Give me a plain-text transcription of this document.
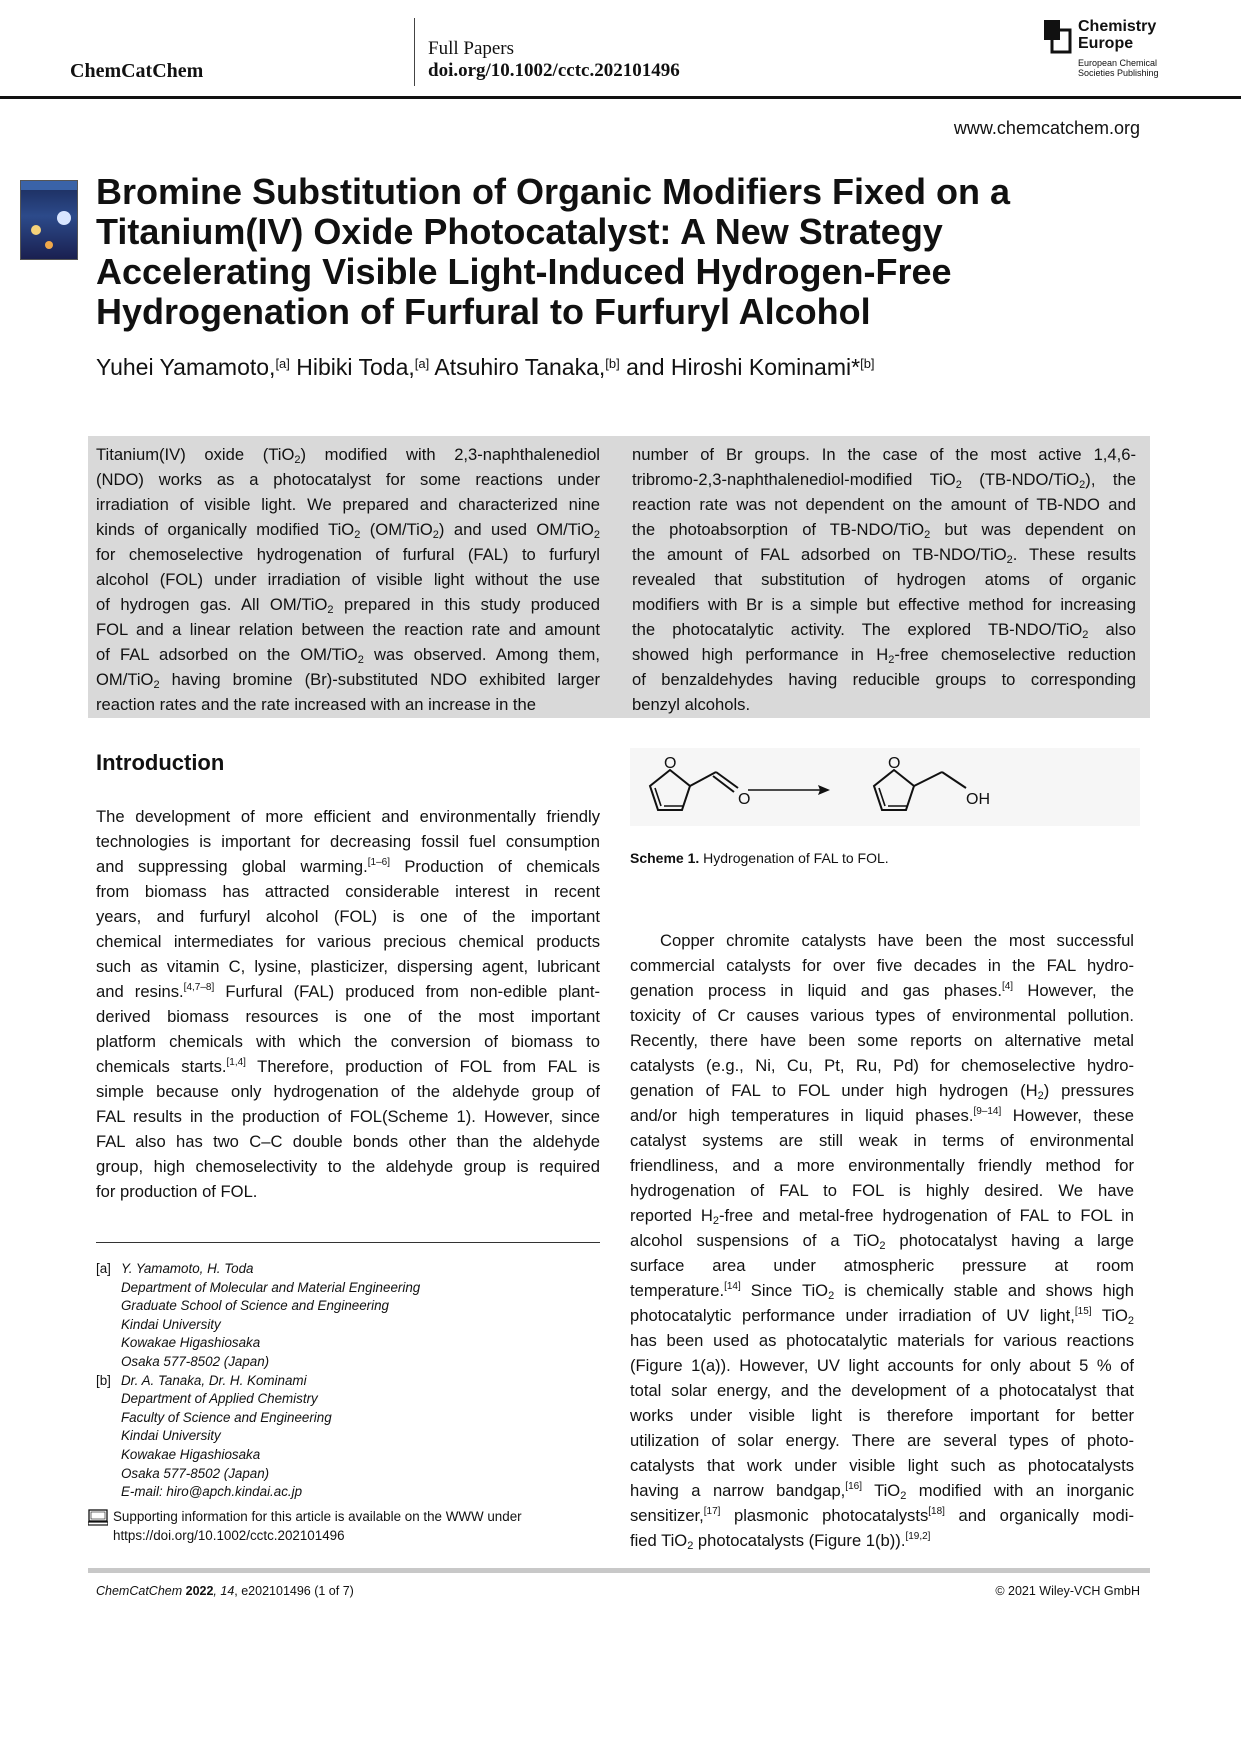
ChemCatChem
Full Papers
doi.org/10.1002/cctc.202101496
Chemistry
Europe
European Chemical
Societies Publishing
www.chemcatchem.org
Bromine Substitution of Organic Modifiers Fixed on a
Titanium(IV) Oxide Photocatalyst: A New Strategy
Accelerating Visible Light-Induced Hydrogen-Free
Hydrogenation of Furfural to Furfuryl Alcohol
Yuhei Yamamoto,[a] Hibiki Toda,[a] Atsuhiro Tanaka,[b] and Hiroshi Kominami*[b]
Titanium(IV) oxide (TiO$_2$) modified with 2,3-naphthalenediol
(NDO) works as a photocatalyst for some reactions under
irradiation of visible light. We prepared and characterized nine
kinds of organically modified TiO$_2$ (OM/TiO$_2$) and used OM/TiO$_2$
for chemoselective hydrogenation of furfural (FAL) to furfuryl
alcohol (FOL) under irradiation of visible light without the use
of hydrogen gas. All OM/TiO$_2$ prepared in this study produced
FOL and a linear relation between the reaction rate and amount
of FAL adsorbed on the OM/TiO$_2$ was observed. Among them,
OM/TiO$_2$ having bromine (Br)-substituted NDO exhibited larger
reaction rates and the rate increased with an increase in the
number of Br groups. In the case of the most active 1,4,6-
tribromo-2,3-naphthalenediol-modified TiO$_2$ (TB-NDO/TiO$_2$), the
reaction rate was not dependent on the amount of TB-NDO and
the photoabsorption of TB-NDO/TiO$_2$ but was dependent on
the amount of FAL adsorbed on TB-NDO/TiO$_2$. These results
revealed that substitution of hydrogen atoms of organic
modifiers with Br is a simple but effective method for increasing
the photocatalytic activity. The explored TB-NDO/TiO$_2$ also
showed high performance in $H_2$-free chemoselective reduction
of benzaldehydes having reducible groups to corresponding
benzyl alcohols.
Introduction
The development of more efficient and environmentally friendly
technologies is important for decreasing fossil fuel consumption
and suppressing global warming.[1–6] Production of chemicals
from biomass has attracted considerable interest in recent
years, and furfuryl alcohol (FOL) is one of the important
chemical intermediates for various precious chemical products
such as vitamin C, lysine, plasticizer, dispersing agent, lubricant
and resins.[4,7–8] Furfural (FAL) produced from non-edible plant-
derived biomass resources is one of the most important
platform chemicals with which the conversion of biomass to
chemicals starts.[1,4] Therefore, production of FOL from FAL is
simple because only hydrogenation of the aldehyde group of
FAL results in the production of FOL(Scheme 1). However, since
FAL also has two C–C double bonds other than the aldehyde
group, high chemoselectivity to the aldehyde group is required
for production of FOL.
O
O
O
OH
Scheme 1. Hydrogenation of FAL to FOL.
Copper chromite catalysts have been the most successful
commercial catalysts for over five decades in the FAL hydro-
genation process in liquid and gas phases.[4] However, the
toxicity of Cr causes various types of environmental pollution.
Recently, there have been some reports on alternative metal
catalysts (e.g., Ni, Cu, Pt, Ru, Pd) for chemoselective hydro-
genation of FAL to FOL under high hydrogen $(H_2)$ pressures
and/or high temperatures in liquid phases.[9–14] However, these
catalyst systems are still weak in terms of environmental
friendliness, and a more environmentally friendly method for
hydrogenation of FAL to FOL is highly desired. We have
reported $H_2$-free and metal-free hydrogenation of FAL to FOL in
alcohol suspensions of a TiO$_2$ photocatalyst having a large
surface area under atmospheric pressure at room
temperature.[14] Since TiO$_2$ is chemically stable and shows high
photocatalytic performance under irradiation of UV light,[15] TiO$_2$
has been used as photocatalytic materials for various reactions
(Figure 1(a)). However, UV light accounts for only about 5 % of
total solar energy, and the development of a photocatalyst that
works under visible light is therefore important for better
utilization of solar energy. There are several types of photo-
catalysts that work under visible light such as photocatalysts
having a narrow bandgap,[16] TiO$_2$ modified with an inorganic
sensitizer,[17] plasmonic photocatalysts[18] and organically modi-
fied TiO$_2$ photocatalysts (Figure 1(b)).[19,2]
[a] Y. Yamamoto, H. Toda
Department of Molecular and Material Engineering
Graduate School of Science and Engineering
Kindai University
Kowakae Higashiosaka
Osaka 577-8502 (Japan)
[b] Dr. A. Tanaka, Dr. H. Kominami
Department of Applied Chemistry
Faculty of Science and Engineering
Kindai University
Kowakae Higashiosaka
Osaka 577-8502 (Japan)
E-mail: hiro@apch.kindai.ac.jp
Supporting information for this article is available on the WWW under
https://doi.org/10.1002/cctc.202101496
ChemCatChem 2022, 14, e202101496 (1 of 7)	© 2021 Wiley-VCH GmbH
